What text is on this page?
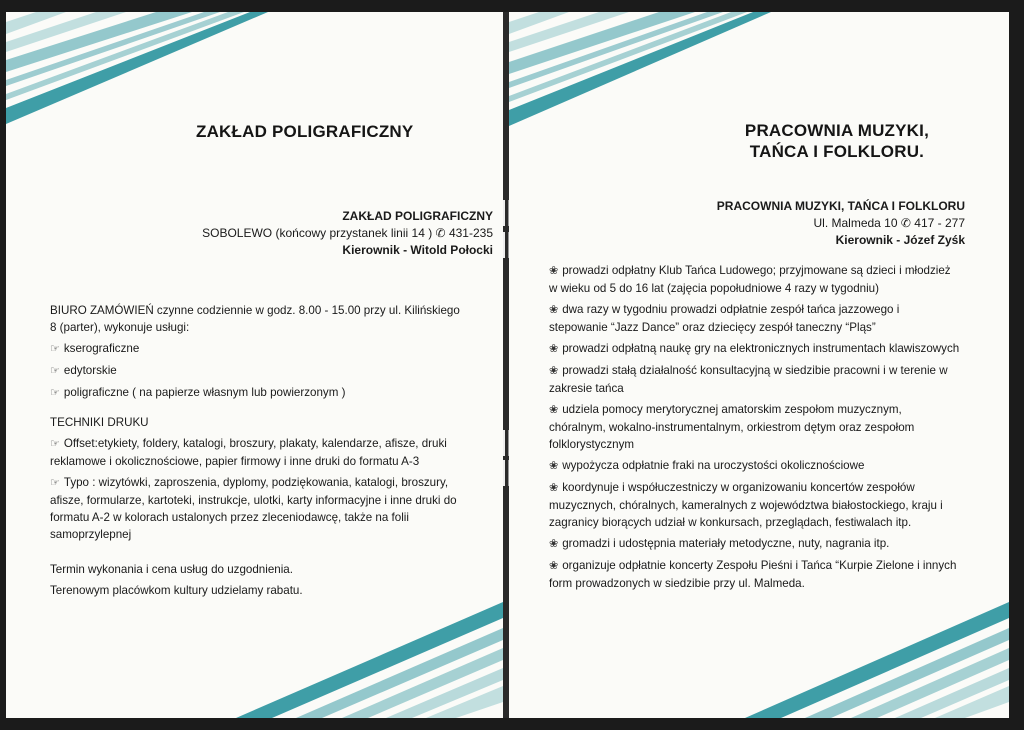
ZAKŁAD POLIGRAFICZNY
ZAKŁAD POLIGRAFICZNY
SOBOLEWO (końcowy przystanek linii 14 ) ✆ 431-235
Kierownik - Witold Połocki

BIURO ZAMÓWIEŃ czynne codziennie w godz. 8.00 - 15.00 przy ul. Kilińskiego 8 (parter), wykonuje usługi:

☞ kserograficzne

☞ edytorskie

☞ poligraficzne ( na papierze własnym lub powierzonym )

TECHNIKI DRUKU

☞ Offset:etykiety, foldery, katalogi, broszury, plakaty, kalendarze, afisze, druki reklamowe i okolicznościowe, papier firmowy i inne druki do formatu A-3

☞ Typo : wizytówki, zaproszenia, dyplomy, podziękowania, katalogi, broszury, afisze, formularze, kartoteki, instrukcje, ulotki, karty informacyjne i inne druki do formatu A-2 w kolorach ustalonych przez zleceniodawcę, także na folii samoprzylepnej

Termin wykonania i cena usług do uzgodnienia.

Terenowym placówkom kultury udzielamy rabatu.

PRACOWNIA MUZYKI,
TAŃCA I FOLKLORU.
PRACOWNIA MUZYKI, TAŃCA I FOLKLORU
Ul. Malmeda 10 ✆ 417 - 277
Kierownik - Józef Zyśk

❀ prowadzi odpłatny Klub Tańca Ludowego; przyjmowane są dzieci i młodzież w wieku od 5 do 16 lat (zajęcia popołudniowe 4 razy w tygodniu)

❀ dwa razy w tygodniu prowadzi odpłatnie zespół tańca jazzowego i stepowanie “Jazz Dance” oraz dziecięcy zespół taneczny “Pląs”

❀ prowadzi odpłatną naukę gry na elektronicznych instrumentach klawiszowych

❀ prowadzi stałą działalność konsultacyjną w siedzibie pracowni i w terenie w zakresie tańca

❀ udziela pomocy merytorycznej amatorskim zespołom muzycznym, chóralnym, wokalno-instrumentalnym, orkiestrom dętym oraz zespołom folklorystycznym

❀ wypożycza odpłatnie fraki na uroczystości okolicznościowe

❀ koordynuje i współuczestniczy w organizowaniu koncertów zespołów muzycznych, chóralnych, kameralnych z województwa białostockiego, kraju i zagranicy biorących udział w konkursach, przeglądach, festiwalach itp.

❀ gromadzi i udostępnia materiały metodyczne, nuty, nagrania itp.

❀ organizuje odpłatnie koncerty Zespołu Pieśni i Tańca “Kurpie Zielone i innych form prowadzonych w siedzibie przy ul. Malmeda.
